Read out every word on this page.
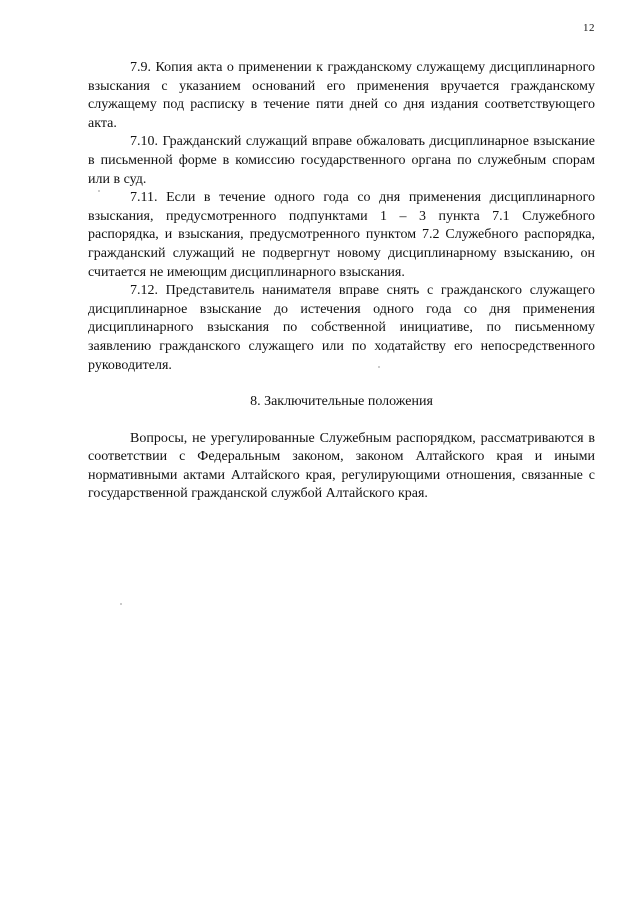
12

7.9. Копия акта о применении к гражданскому служащему дисциплинарного взыскания с указанием оснований его применения вручается гражданскому служащему под расписку в течение пяти дней со дня издания соответствующего акта.

7.10. Гражданский служащий вправе обжаловать дисциплинарное взыскание в письменной форме в комиссию государственного органа по служебным спорам или в суд.

7.11. Если в течение одного года со дня применения дисциплинарного взыскания, предусмотренного подпунктами 1 – 3 пункта 7.1 Служебного распорядка, и взыскания, предусмотренного пунктом 7.2 Служебного распорядка, гражданский служащий не подвергнут новому дисциплинарному взысканию, он считается не имеющим дисциплинарного взыскания.

7.12. Представитель нанимателя вправе снять с гражданского служащего дисциплинарное взыскание до истечения одного года со дня применения дисциплинарного взыскания по собственной инициативе, по письменному заявлению гражданского служащего или по ходатайству его непосредственного руководителя.

8. Заключительные положения

Вопросы, не урегулированные Служебным распорядком, рассматриваются в соответствии с Федеральным законом, законом Алтайского края и иными нормативными актами Алтайского края, регулирующими отношения, связанные с государственной гражданской службой Алтайского края.
